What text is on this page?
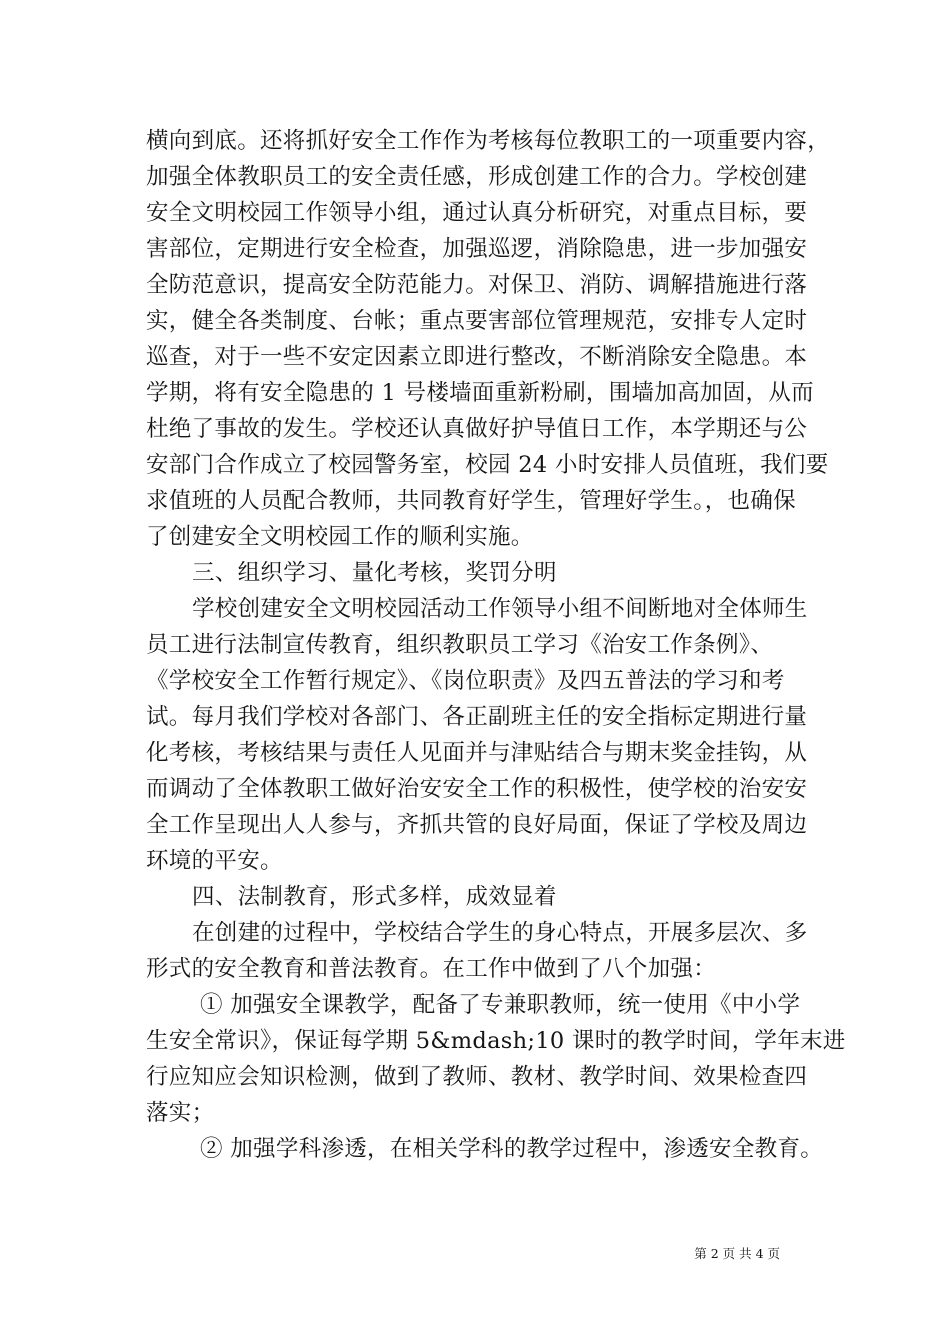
横向到底。还将抓好安全工作作为考核每位教职工的一项重要内容，
加强全体教职员工的安全责任感，形成创建工作的合力。学校创建
安全文明校园工作领导小组，通过认真分析研究，对重点目标，要
害部位，定期进行安全检查，加强巡逻，消除隐患，进一步加强安
全防范意识，提高安全防范能力。对保卫、消防、调解措施进行落
实，健全各类制度、台帐；重点要害部位管理规范，安排专人定时
巡查，对于一些不安定因素立即进行整改，不断消除安全隐患。本
学期，将有安全隐患的 1 号楼墙面重新粉刷，围墙加高加固，从而
杜绝了事故的发生。学校还认真做好护导值日工作，本学期还与公
安部门合作成立了校园警务室，校园 24 小时安排人员值班，我们要
求值班的人员配合教师，共同教育好学生，管理好学生。，也确保
了创建安全文明校园工作的顺利实施。
三、组织学习、量化考核，奖罚分明
学校创建安全文明校园活动工作领导小组不间断地对全体师生
员工进行法制宣传教育，组织教职员工学习《治安工作条例》、
《学校安全工作暂行规定》、《岗位职责》及四五普法的学习和考
试。每月我们学校对各部门、各正副班主任的安全指标定期进行量
化考核，考核结果与责任人见面并与津贴结合与期末奖金挂钩，从
而调动了全体教职工做好治安安全工作的积极性，使学校的治安安
全工作呈现出人人参与，齐抓共管的良好局面，保证了学校及周边
环境的平安。
四、法制教育，形式多样，成效显着
在创建的过程中，学校结合学生的身心特点，开展多层次、多
形式的安全教育和普法教育。在工作中做到了八个加强：
① 加强安全课教学，配备了专兼职教师，统一使用《中小学
生安全常识》，保证每学期 5&mdash;10 课时的教学时间，学年末进
行应知应会知识检测，做到了教师、教材、教学时间、效果检查四
落实；
② 加强学科渗透，在相关学科的教学过程中，渗透安全教育。
第 2 页 共 4 页
